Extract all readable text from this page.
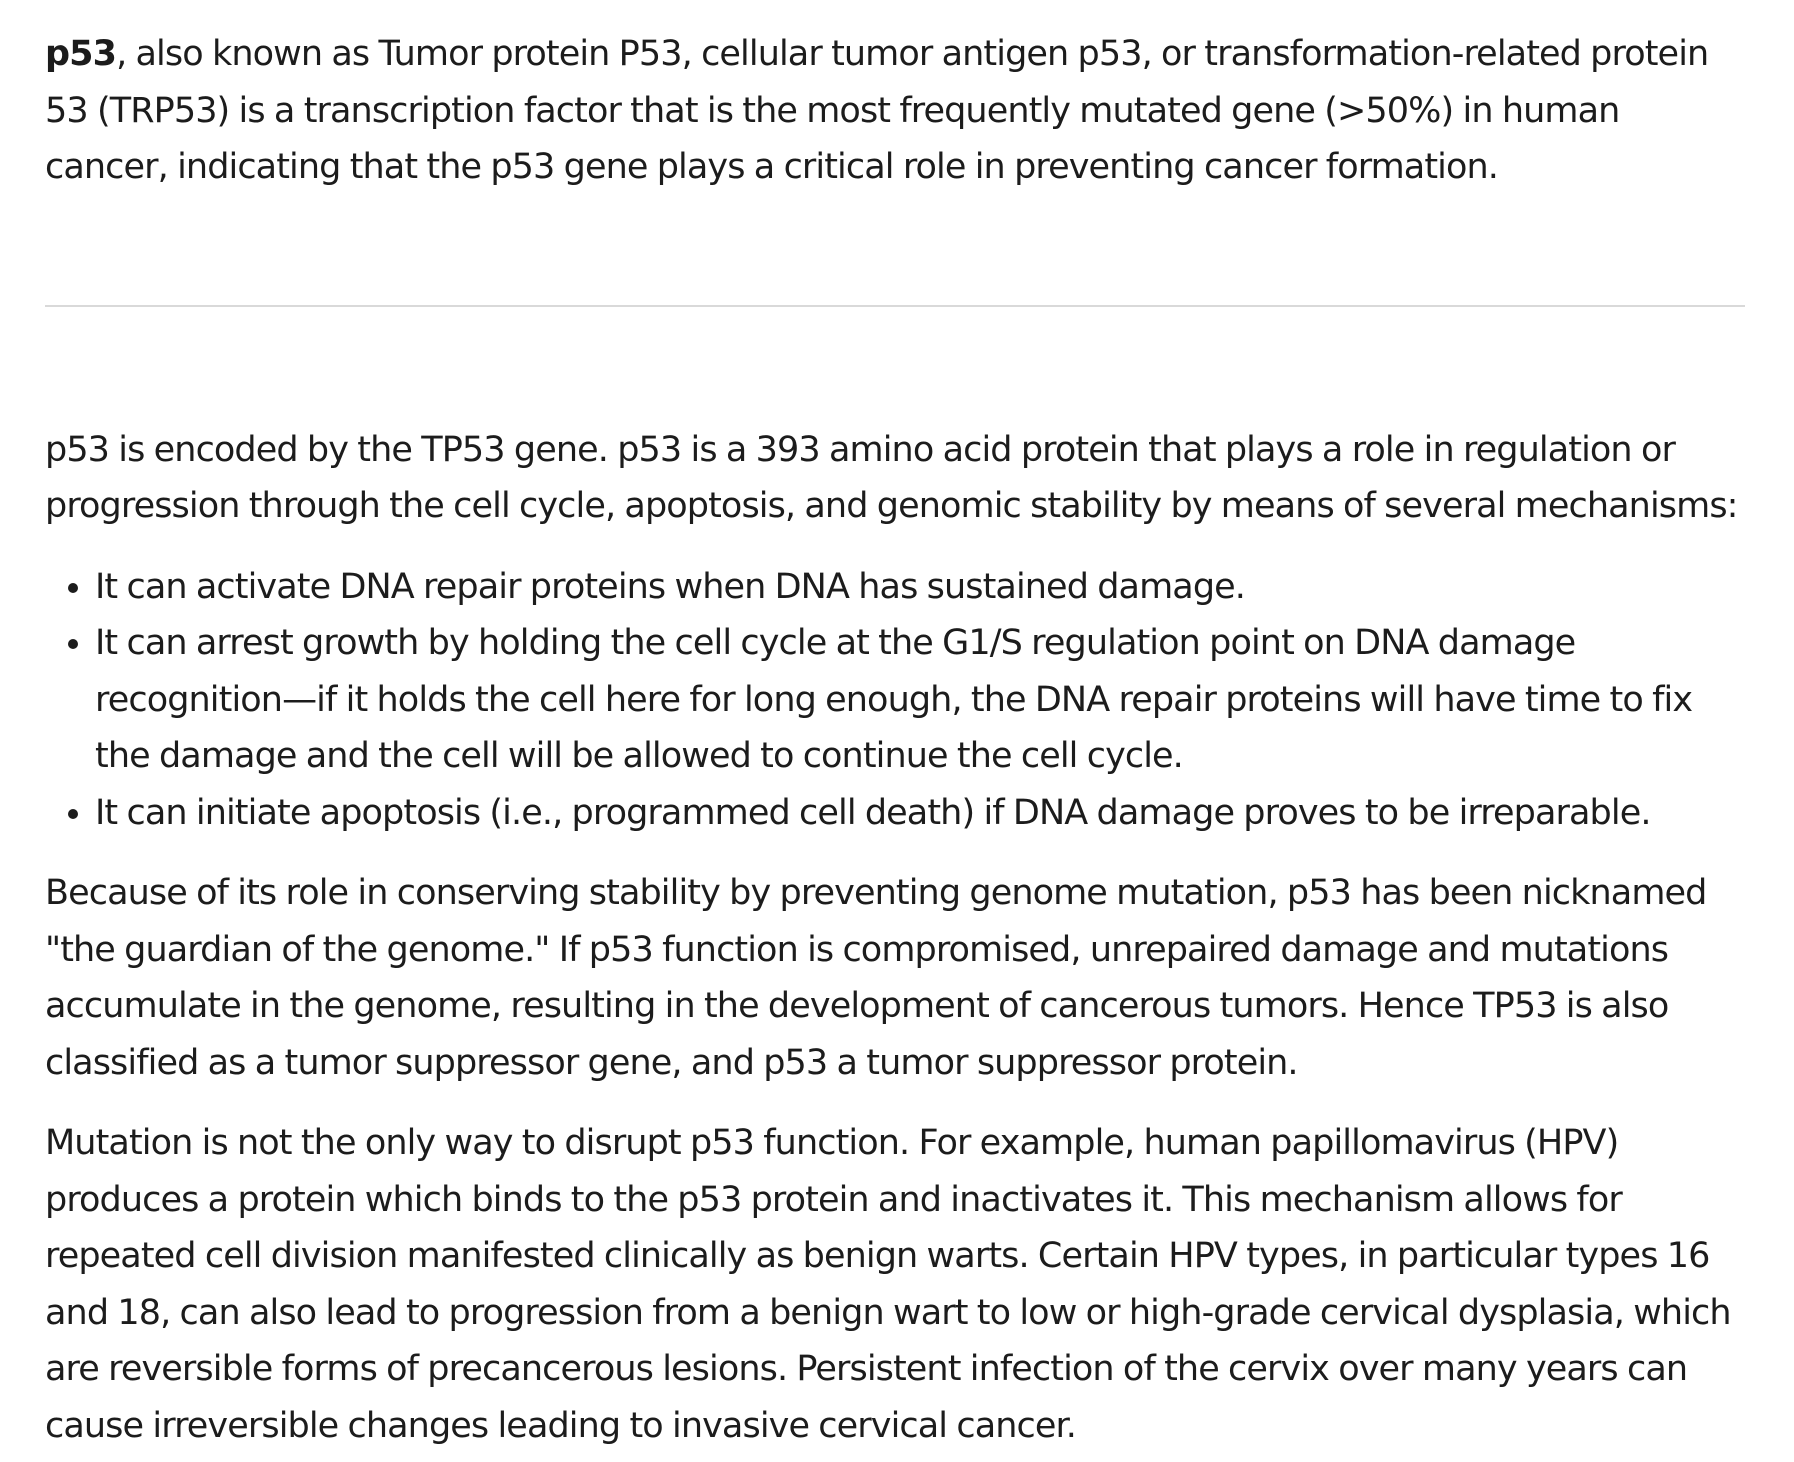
p53, also known as Tumor protein P53, cellular tumor antigen p53, or transformation-related protein 53 (TRP53) is a transcription factor that is the most frequently mutated gene (>50%) in human cancer, indicating that the p53 gene plays a critical role in preventing cancer formation.

p53 is encoded by the TP53 gene. p53 is a 393 amino acid protein that plays a role in regulation or progression through the cell cycle, apoptosis, and genomic stability by means of several mechanisms:

• It can activate DNA repair proteins when DNA has sustained damage.
• It can arrest growth by holding the cell cycle at the G1/S regulation point on DNA damage recognition—if it holds the cell here for long enough, the DNA repair proteins will have time to fix the damage and the cell will be allowed to continue the cell cycle.
• It can initiate apoptosis (i.e., programmed cell death) if DNA damage proves to be irreparable.

Because of its role in conserving stability by preventing genome mutation, p53 has been nicknamed "the guardian of the genome." If p53 function is compromised, unrepaired damage and mutations accumulate in the genome, resulting in the development of cancerous tumors. Hence TP53 is also classified as a tumor suppressor gene, and p53 a tumor suppressor protein.

Mutation is not the only way to disrupt p53 function. For example, human papillomavirus (HPV) produces a protein which binds to the p53 protein and inactivates it. This mechanism allows for repeated cell division manifested clinically as benign warts. Certain HPV types, in particular types 16 and 18, can also lead to progression from a benign wart to low or high-grade cervical dysplasia, which are reversible forms of precancerous lesions. Persistent infection of the cervix over many years can cause irreversible changes leading to invasive cervical cancer.
